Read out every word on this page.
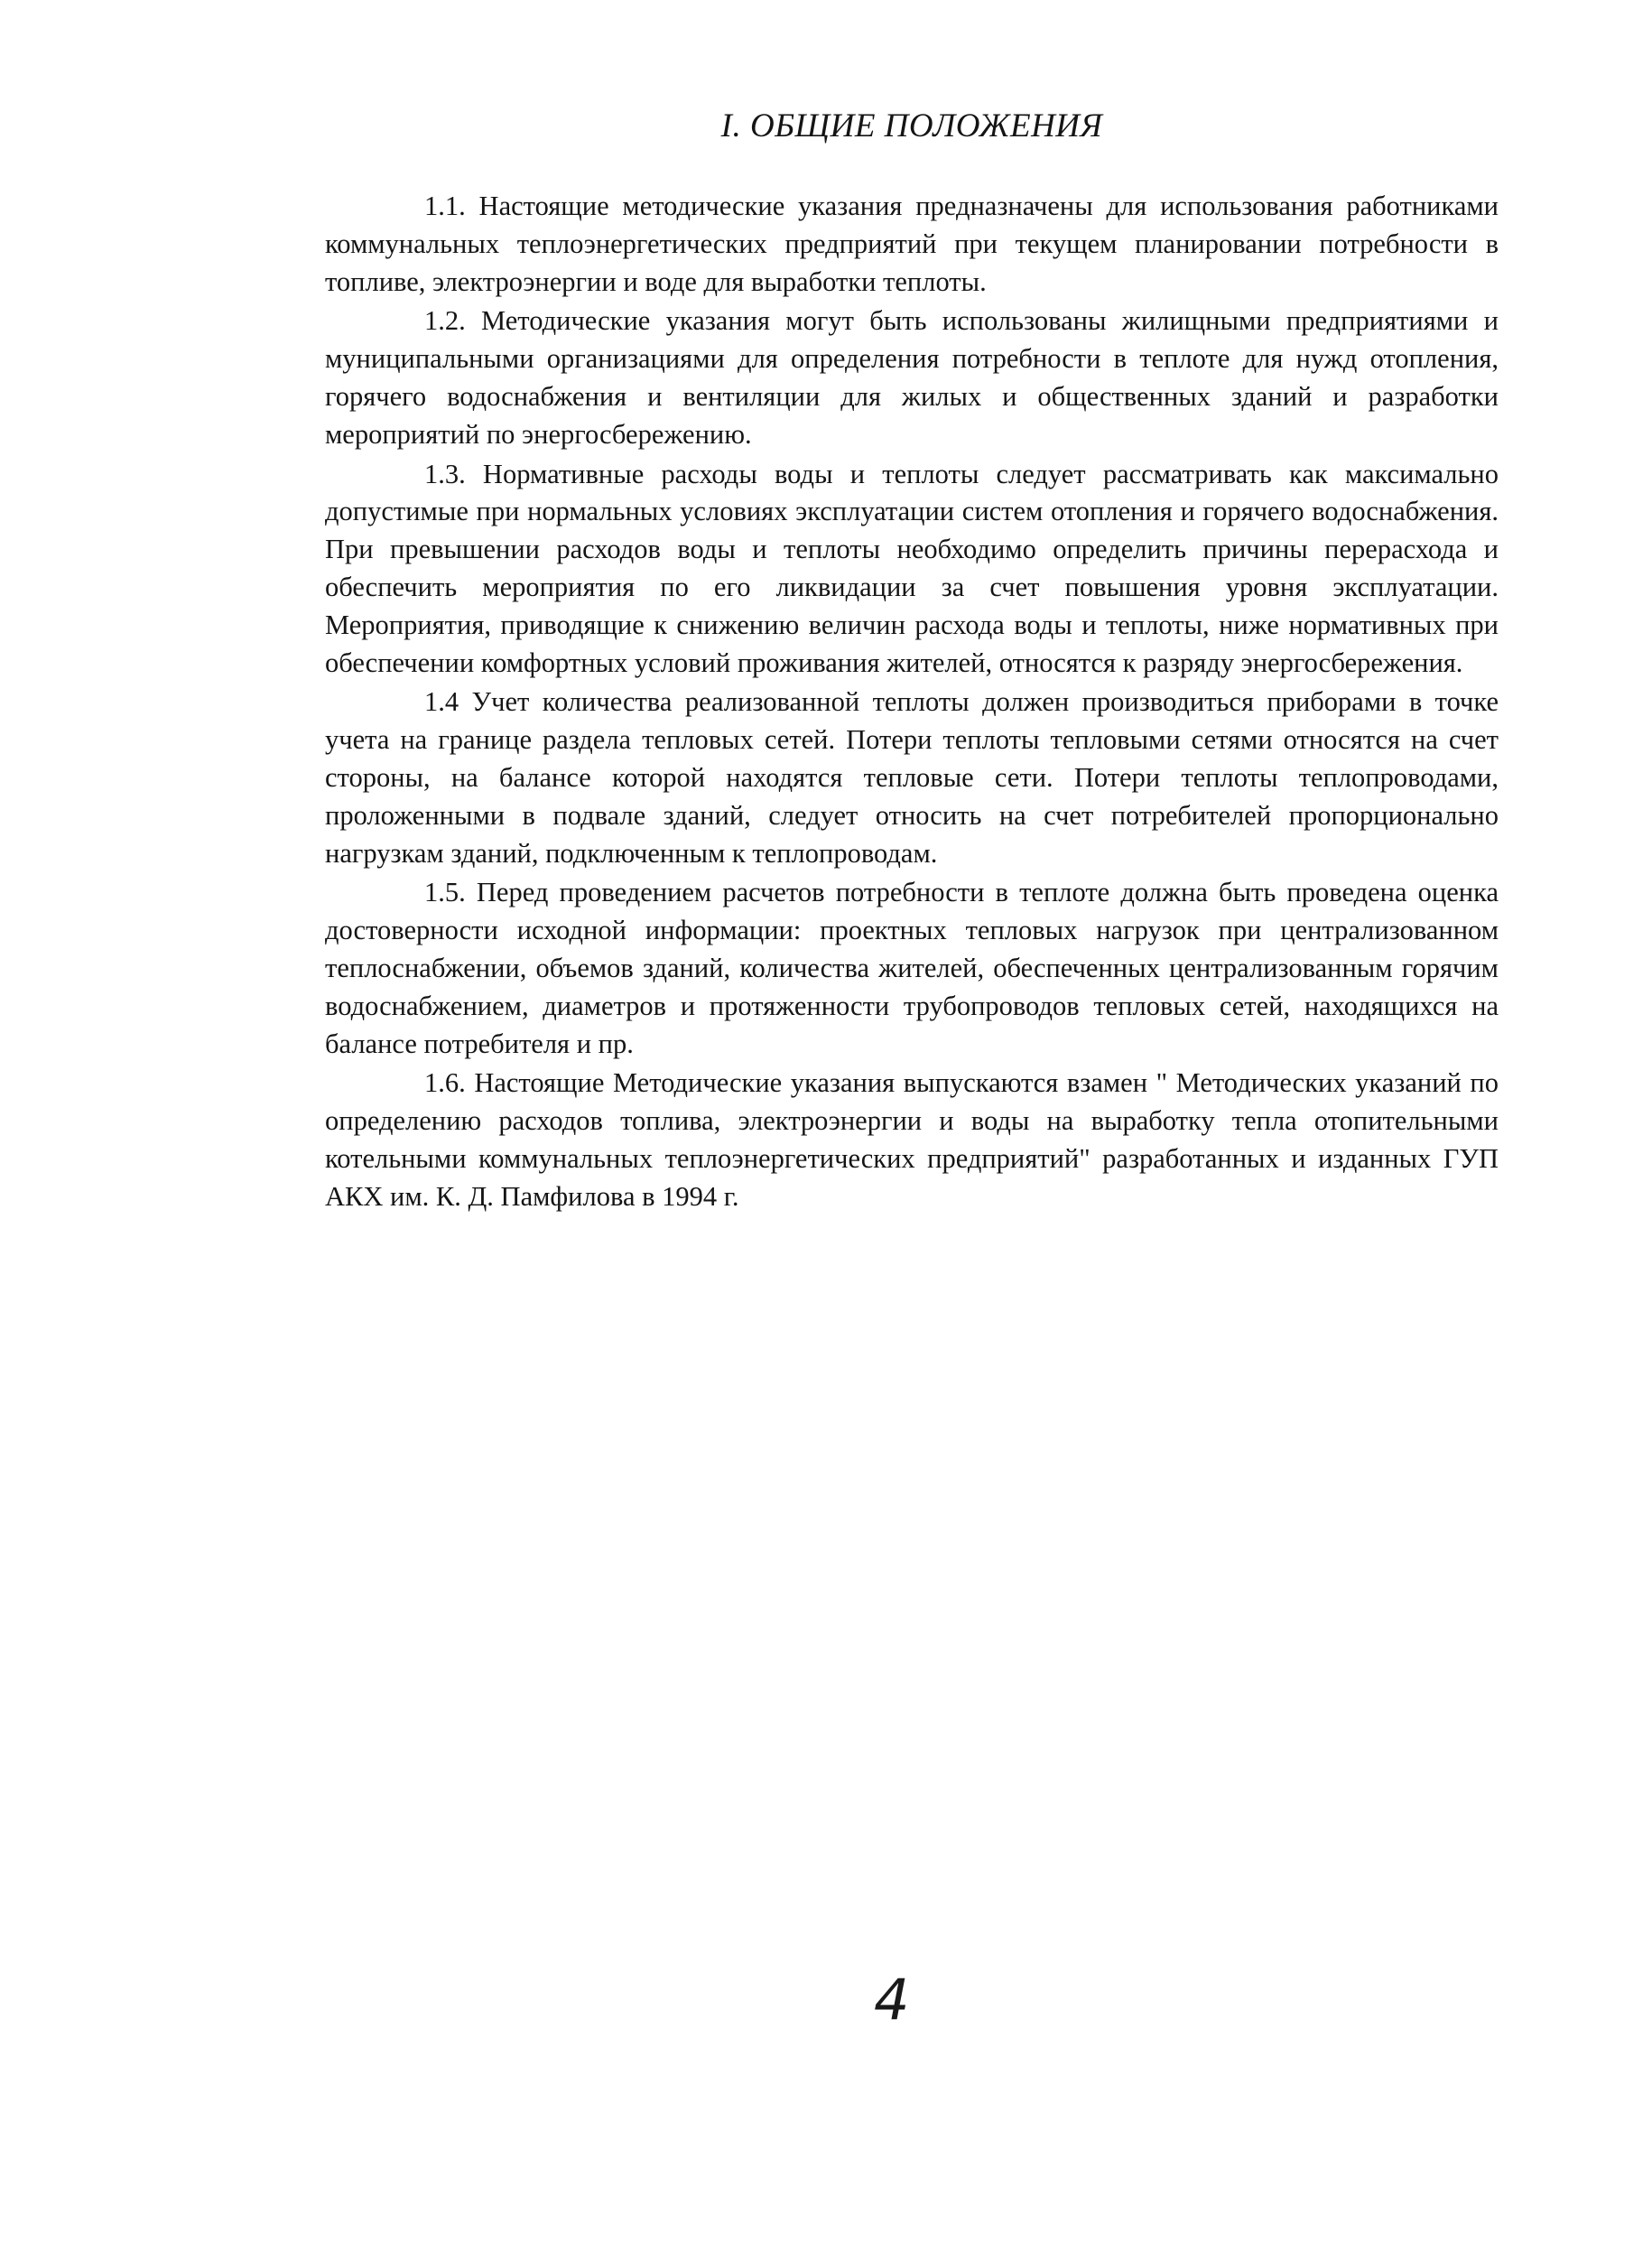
I. ОБЩИЕ ПОЛОЖЕНИЯ

1.1. Настоящие методические указания предназначены для использования работниками коммунальных теплоэнергетических предприятий при текущем планировании потребности в топливе, электроэнергии и воде для выработки теплоты.

1.2. Методические указания могут быть использованы жилищными предприятиями и муниципальными организациями для определения потребности в теплоте для нужд отопления, горячего водоснабжения и вентиляции для жилых и общественных зданий и разработки мероприятий по энергосбережению.

1.3. Нормативные расходы воды и теплоты следует рассматривать как максимально допустимые при нормальных условиях эксплуатации систем отопления и горячего водоснабжения. При превышении расходов воды и теплоты необходимо определить причины перерасхода и обеспечить мероприятия по его ликвидации за счет повышения уровня эксплуатации. Мероприятия, приводящие к снижению величин расхода воды и теплоты, ниже нормативных при обеспечении комфортных условий проживания жителей, относятся к разряду энергосбережения.

1.4 Учет количества реализованной теплоты должен производиться приборами в точке учета на границе раздела тепловых сетей. Потери теплоты тепловыми сетями относятся на счет стороны, на балансе которой находятся тепловые сети. Потери теплоты теплопроводами, проложенными в подвале зданий, следует относить на счет потребителей пропорционально нагрузкам зданий, подключенным к теплопроводам.

1.5. Перед проведением расчетов потребности в теплоте должна быть проведена оценка достоверности исходной информации: проектных тепловых нагрузок при централизованном теплоснабжении, объемов зданий, количества жителей, обеспеченных централизованным горячим водоснабжением, диаметров и протяженности трубопроводов тепловых сетей, находящихся на балансе потребителя и пр.

1.6. Настоящие Методические указания выпускаются взамен " Методических указаний по определению расходов топлива, электроэнергии и воды на выработку тепла отопительными котельными коммунальных теплоэнергетических предприятий" разработанных и изданных ГУП АКХ им. К. Д. Памфилова в 1994 г.

4
